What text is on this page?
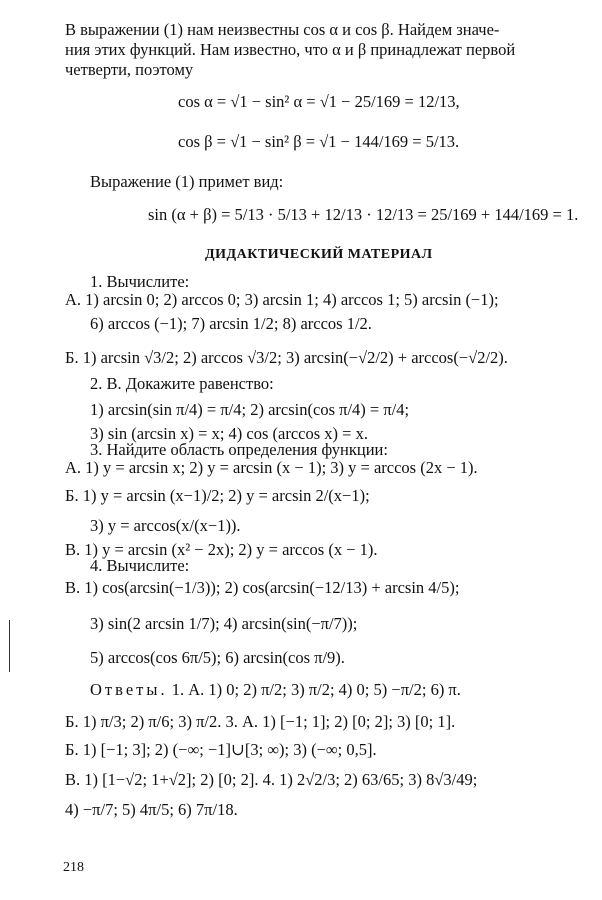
В выражении (1) нам неизвестны cos α и cos β. Найдем значе-
ния этих функций. Нам известно, что α и β принадлежат первой
четверти, поэтому
cos α = √1 − sin² α = √1 − 25/169 = 12/13,
cos β = √1 − sin² β = √1 − 144/169 = 5/13.
Выражение (1) примет вид:
sin (α + β) = 5/13 · 5/13 + 12/13 · 12/13 = 25/169 + 144/169 = 1.
ДИДАКТИЧЕСКИЙ МАТЕРИАЛ
1. Вычислите:
А. 1) arcsin 0; 2) arccos 0; 3) arcsin 1; 4) arccos 1; 5) arcsin (−1);
6) arccos (−1); 7) arcsin 1/2; 8) arccos 1/2.
Б. 1) arcsin √3/2; 2) arccos √3/2; 3) arcsin(−√2/2) + arccos(−√2/2).
2. В. Докажите равенство:
1) arcsin(sin π/4) = π/4; 2) arcsin(cos π/4) = π/4;
3) sin (arcsin x) = x; 4) cos (arccos x) = x.
3. Найдите область определения функции:
А. 1) y = arcsin x; 2) y = arcsin (x − 1); 3) y = arccos (2x − 1).
Б. 1) y = arcsin (x−1)/2; 2) y = arcsin 2/(x−1);
3) y = arccos(x/(x−1)).
В. 1) y = arcsin (x² − 2x); 2) y = arccos (x − 1).
4. Вычислите:
В. 1) cos(arcsin(−1/3)); 2) cos(arcsin(−12/13) + arcsin 4/5);
3) sin(2 arcsin 1/7); 4) arcsin(sin(−π/7));
5) arccos(cos 6π/5); 6) arcsin(cos π/9).
Ответы. 1. А. 1) 0; 2) π/2; 3) π/2; 4) 0; 5) −π/2; 6) π.
Б. 1) π/3; 2) π/6; 3) π/2. 3. А. 1) [−1; 1]; 2) [0; 2]; 3) [0; 1].
Б. 1) [−1; 3]; 2) (−∞; −1]∪[3; ∞); 3) (−∞; 0,5].
В. 1) [1−√2; 1+√2]; 2) [0; 2]. 4. 1) 2√2/3; 2) 63/65; 3) 8√3/49;
4) −π/7; 5) 4π/5; 6) 7π/18.
218
